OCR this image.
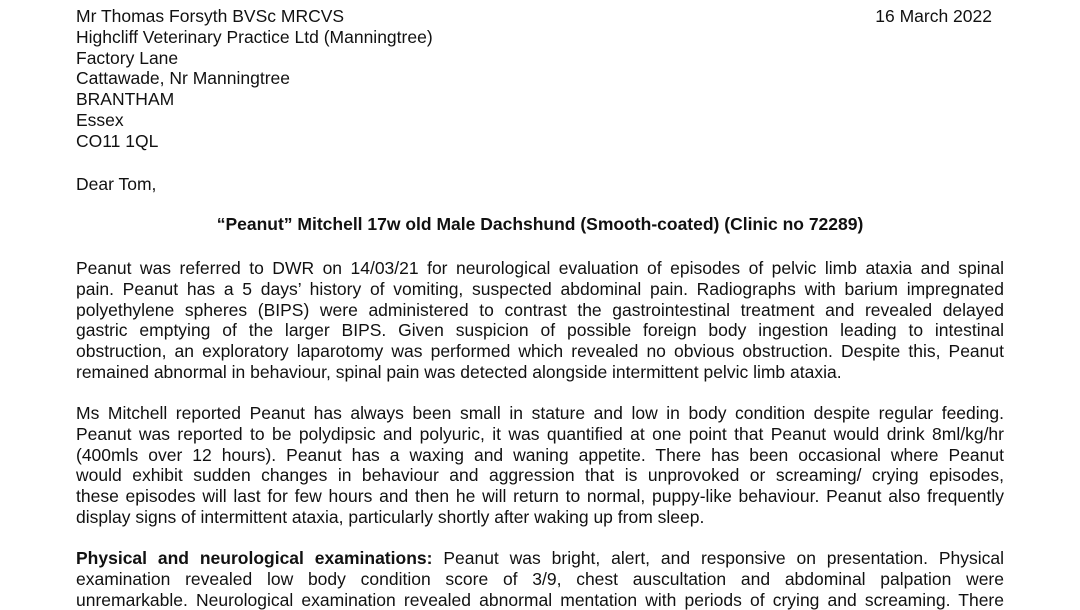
Mr Thomas Forsyth BVSc MRCVS
Highcliff Veterinary Practice Ltd (Manningtree)
Factory Lane
Cattawade, Nr Manningtree
BRANTHAM
Essex
CO11 1QL
16 March 2022
Dear Tom,
“Peanut” Mitchell 17w old Male Dachshund (Smooth-coated) (Clinic no 72289)
Peanut was referred to DWR on 14/03/21 for neurological evaluation of episodes of pelvic limb ataxia and spinal
pain. Peanut has a 5 days’ history of vomiting, suspected abdominal pain. Radiographs with barium impregnated
polyethylene spheres (BIPS) were administered to contrast the gastrointestinal treatment and revealed delayed
gastric emptying of the larger BIPS. Given suspicion of possible foreign body ingestion leading to intestinal
obstruction, an exploratory laparotomy was performed which revealed no obvious obstruction. Despite this, Peanut
remained abnormal in behaviour, spinal pain was detected alongside intermittent pelvic limb ataxia.
Ms Mitchell reported Peanut has always been small in stature and low in body condition despite regular feeding.
Peanut was reported to be polydipsic and polyuric, it was quantified at one point that Peanut would drink 8ml/kg/hr
(400mls over 12 hours). Peanut has a waxing and waning appetite. There has been occasional where Peanut
would exhibit sudden changes in behaviour and aggression that is unprovoked or screaming/ crying episodes,
these episodes will last for few hours and then he will return to normal, puppy-like behaviour. Peanut also frequently
display signs of intermittent ataxia, particularly shortly after waking up from sleep.
Physical and neurological examinations: Peanut was bright, alert, and responsive on presentation. Physical
examination revealed low body condition score of 3/9, chest auscultation and abdominal palpation were
unremarkable. Neurological examination revealed abnormal mentation with periods of crying and screaming. There
